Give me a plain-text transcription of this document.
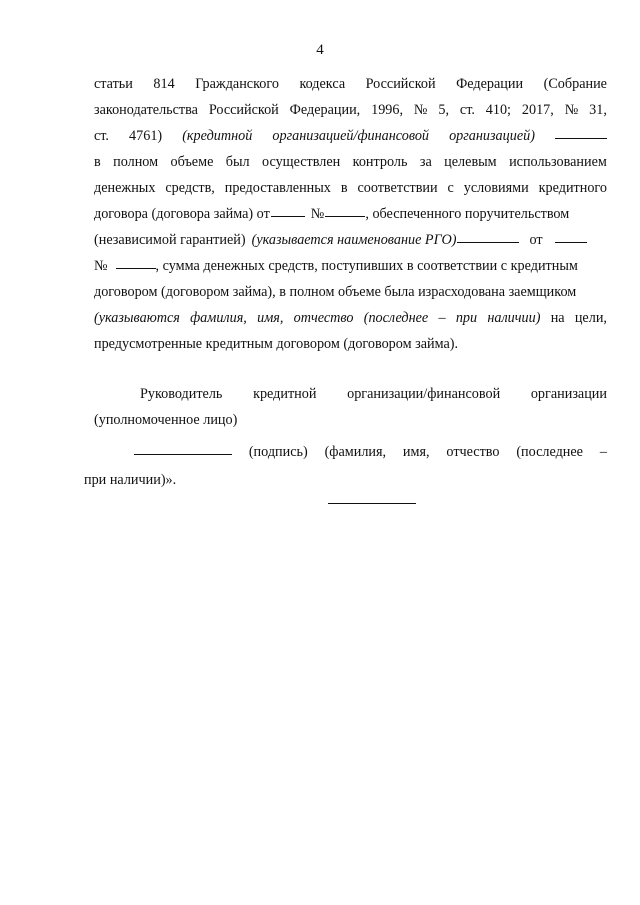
4
статьи 814 Гражданского кодекса Российской Федерации (Собрание
законодательства Российской Федерации, 1996, № 5, ст. 410; 2017, № 31,
ст. 4761) (кредитной организацией/финансовой организацией)
в полном объеме был осуществлен контроль за целевым использованием
денежных средств, предоставленных в соответствии с условиями кредитного
договора (договора займа) от	№	, обеспеченного поручительством
(независимой гарантией) (указывается наименование РГО)	от
№	, сумма денежных средств, поступивших в соответствии с кредитным
договором (договором займа), в полном объеме была израсходована заемщиком
(указываются фамилия, имя, отчество (последнее – при наличии) на цели,
предусмотренные кредитным договором (договором займа).
Руководитель кредитной организации/финансовой организации
(уполномоченное лицо)
(подпись) (фамилия, имя, отчество (последнее –
при наличии)».
